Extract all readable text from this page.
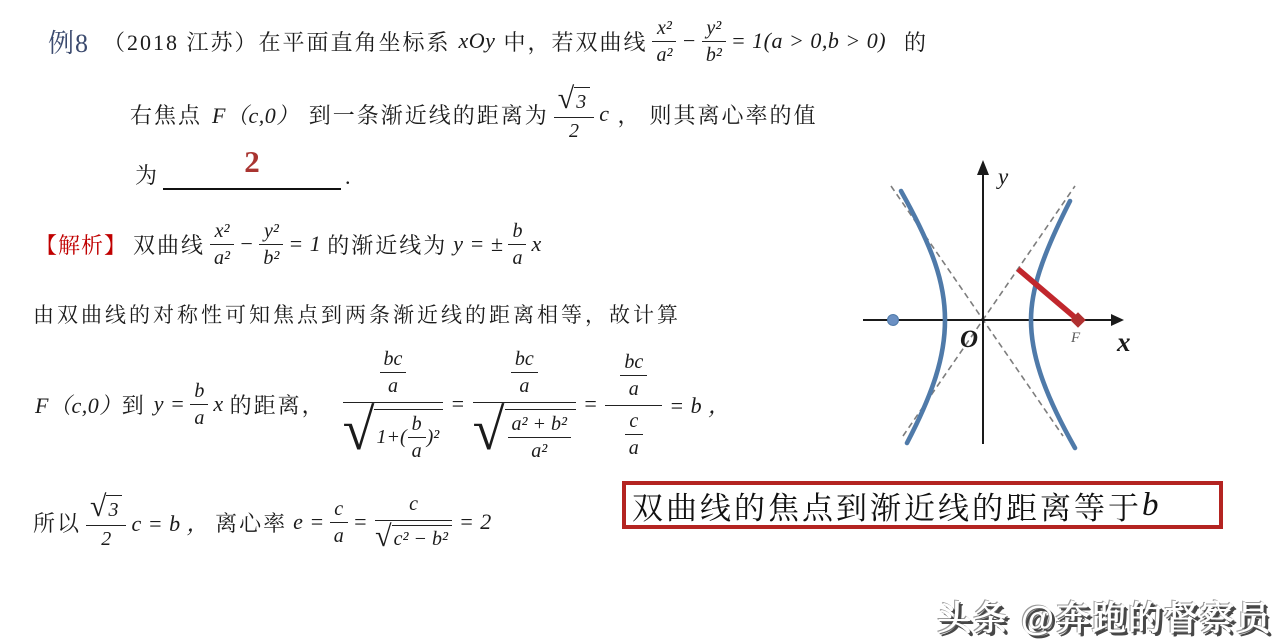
例8 （2018 江苏）在平面直角坐标系 xOy 中，若双曲线 $\frac{\text{x²}}{\text{a²}} - \frac{\text{y²}}{\text{b²}} = 1(a > 0,b > 0)$ 的
右焦点 F（c,0） 到一条渐近线的距离为 $\frac{√ 3}{2}$ c ， 则其离心率的值
为	2	.
【解析】 双曲线 $\frac{\text{x²}}{\text{a²}} - \frac{\text{y²}}{\text{b²}} = 1$ 的渐近线为 y = ± $\frac{b}{a}$ x
由双曲线的对称性可知焦点到两条渐近线的距离相等，故计算
F（c,0） 到 $y = \frac{b}{a}$ x 的距离，
$\frac{bc}{a}$
√ $1+( \frac{b}{a} )^2$
= $\frac{\frac{bc}{a}}{√ \frac{\text{a² + b²}}{\text{a²}}} = \frac{\frac{bc}{a}}{\frac{c}{a}} = b$ ，
所以 $\frac{√ 3}{2}$ c = b ， 离心率 $e = \frac{c}{a} = \frac{c}{\text{√ c² − b²}} = 2$
y
x
O	F
双曲线的焦点到渐近线的距离等于 b
头条 @奔跑的督察员
